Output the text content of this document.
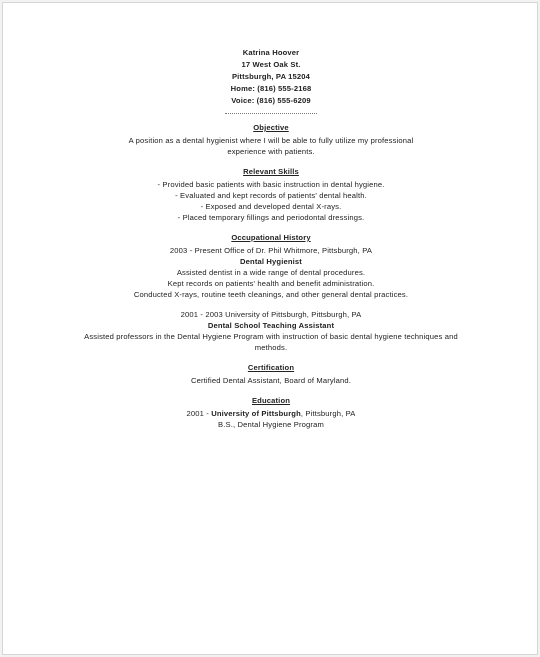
Katrina Hoover
17 West Oak St.
Pittsburgh, PA 15204
Home: (816) 555-2168
Voice: (816) 555-6209
Objective
A position as a dental hygienist where I will be able to fully utilize my professional
experience with patients.
Relevant Skills
- Provided basic patients with basic instruction in dental hygiene.
- Evaluated and kept records of patients' dental health.
- Exposed and developed dental X-rays.
- Placed temporary fillings and periodontal dressings.
Occupational History
2003 - Present Office of Dr. Phil Whitmore, Pittsburgh, PA
Dental Hygienist
Assisted dentist in a wide range of dental procedures.
Kept records on patients' health and benefit administration.
Conducted X-rays, routine teeth cleanings, and other general dental practices.
2001 - 2003 University of Pittsburgh, Pittsburgh, PA
Dental School Teaching Assistant
Assisted professors in the Dental Hygiene Program with instruction of basic dental hygiene techniques and
methods.
Certification
Certified Dental Assistant, Board of Maryland.
Education
2001 - University of Pittsburgh, Pittsburgh, PA
B.S., Dental Hygiene Program
